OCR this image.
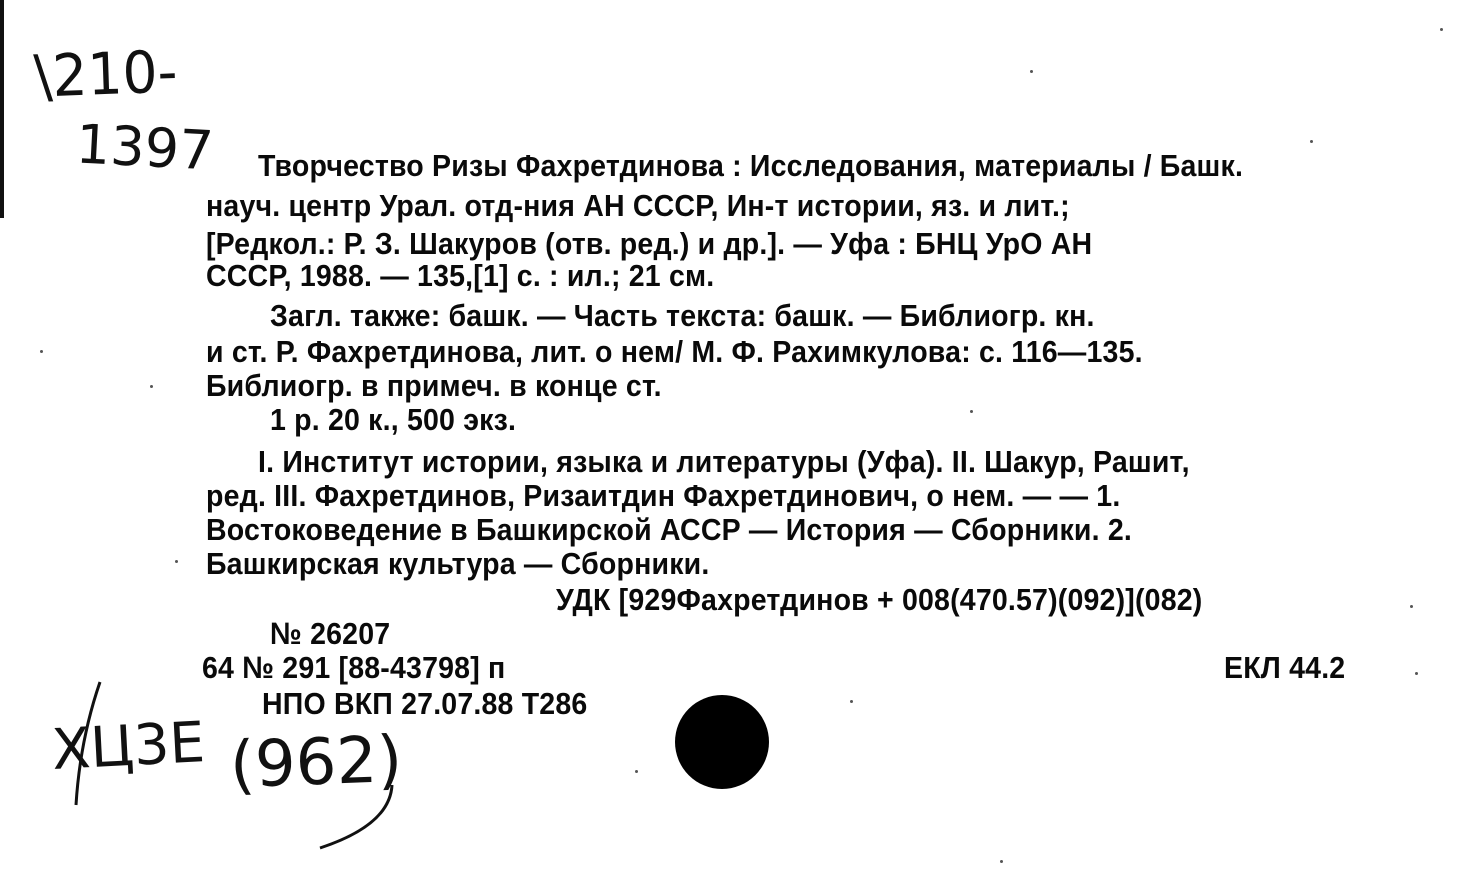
\210-
1397 Творчество Ризы Фахретдинова : Исследования, материалы / Башк.
науч. центр Урал. отд-ния АН СССР, Ин-т истории, яз. и лит.;
[Редкол.: Р. З. Шакуров (отв. ред.) и др.]. — Уфа : БНЦ УрО АН
СССР, 1988. — 135,[1] с. : ил.; 21 см.
Загл. также: башк. — Часть текста: башк. — Библиогр. кн.
и ст. Р. Фахретдинова, лит. о нем/ М. Ф. Рахимкулова: с. 116—135.
Библиогр. в примеч. в конце ст.
1 р. 20 к., 500 экз.
I. Институт истории, языка и литературы (Уфа). II. Шакур, Рашит,
ред. III. Фахретдинов, Ризаитдин Фахретдинович, о нем. — — 1.
Востоковедение в Башкирской АССР — История — Сборники. 2.
Башкирская культура — Сборники.
УДК [929Фахретдинов + 008(470.57)(092)](082)
№ 26207
64 № 291 [88-43798] п	ЕКЛ 44.2
НПО ВКП 27.07.88 Т286
ХЦ3Е (962)
